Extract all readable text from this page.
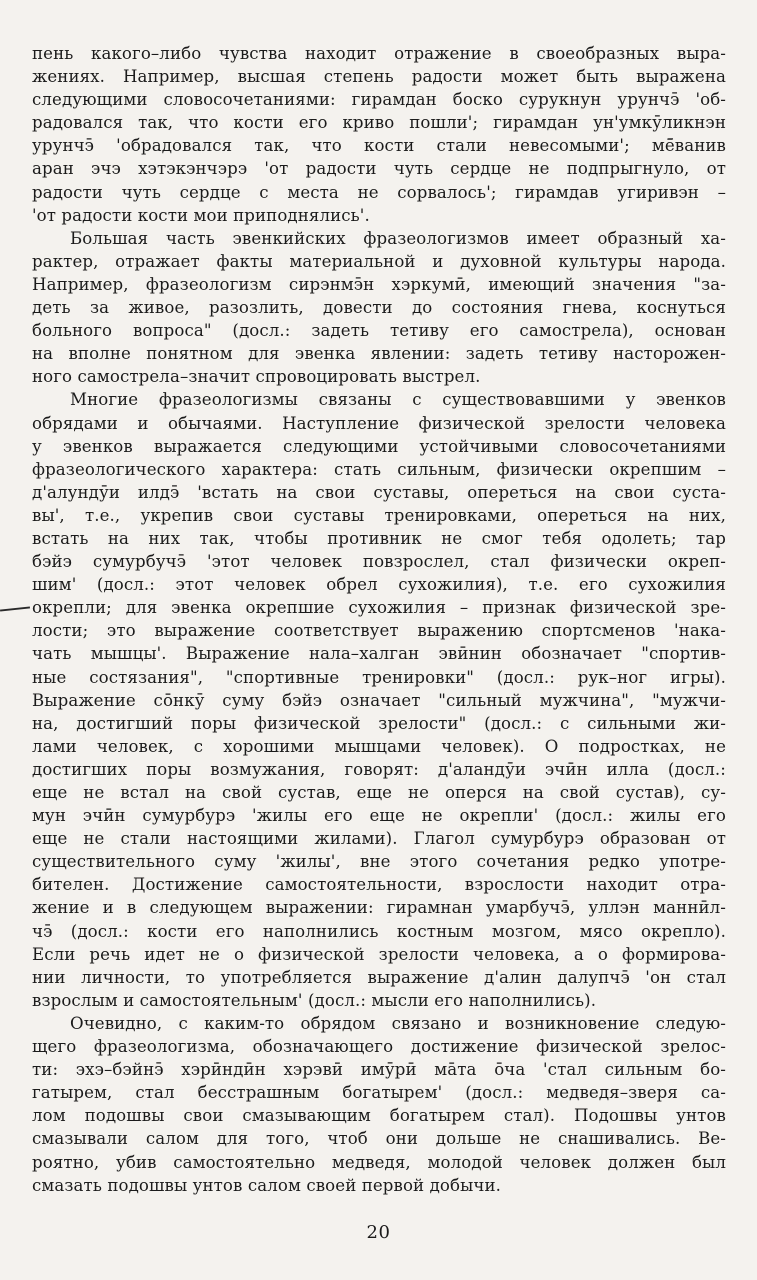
пень какого–либо чувства находит отражение в своеобразных выра-
жениях. Например, высшая степень радости может быть выражена
следующими словосочетаниями: гирамдан боско сурукнун урунчэ̄ 'об-
радовался так, что кости его криво пошли'; гирамдан ун'умкӯликнэн
урунчэ̄ 'обрадовался так, что кости стали невесомыми'; мē̄ванив
аран эчэ хэтэкэнчэрэ 'от радости чуть сердце не подпрыгнуло, от
радости чуть сердце с места не сорвалось'; гирамдав угиривэн –
'от радости кости мои приподнялись'.

Большая часть эвенкийских фразеологизмов имеет образный ха-
рактер, отражает факты материальной и духовной культуры народа.
Например, фразеологизм сирэнмэ̄н хэркумӣ, имеющий значения "за-
деть за живое, разозлить, довести до состояния гнева, коснуться
больного вопроса" (досл.: задеть тетиву его самострела), основан
на вполне понятном для эвенка явлении: задеть тетиву насторожен-
ного самострела–значит спровоцировать выстрел.

Многие фразеологизмы связаны с существовавшими у эвенков
обрядами и обычаями. Наступление физической зрелости человека
у эвенков выражается следующими устойчивыми словосочетаниями
фразеологического характера: стать сильным, физически окрепшим –
д'алундӯи илдэ̄ 'встать на свои суставы, опереться на свои суста-
вы', т.е., укрепив свои суставы тренировками, опереться на них,
встать на них так, чтобы противник не смог тебя одолеть; тар
бэйэ сумурбучэ̄ 'этот человек повзрослел, стал физически окреп-
шим' (досл.: этот человек обрел сухожилия), т.е. его сухожилия
окрепли; для эвенка окрепшие сухожилия – признак физической зре-
лости; это выражение соответствует выражению спортсменов 'нака-
чать мышцы'. Выражение нала–халган эвӣнин обозначает "спортив-
ные состязания", "спортивные тренировки" (досл.: рук–ног игры).
Выражение сōнкӯ суму бэйэ означает "сильный мужчина", "мужчи-
на, достигший поры физической зрелости" (досл.: с сильными жи-
лами человек, с хорошими мышцами человек). О подростках, не
достигших поры возмужания, говорят: д'аландӯи эчӣн илла (досл.:
еще не встал на свой сустав, еще не оперся на свой сустав), су-
мун эчӣн сумурбурэ 'жилы его еще не окрепли' (досл.: жилы его
еще не стали настоящими жилами). Глагол сумурбурэ образован от
существительного суму 'жилы', вне этого сочетания редко употре-
бителен. Достижение самостоятельности, взрослости находит отра-
жение и в следующем выражении: гирамнан умарбучэ̄, уллэн маннӣл-
чэ̄ (досл.: кости его наполнились костным мозгом, мясо окрепло).
Если речь идет не о физической зрелости человека, а о формирова-
нии личности, то употребляется выражение д'алин далупчэ̄ 'он стал
взрослым и самостоятельным' (досл.: мысли его наполнились).

Очевидно, с каким-то обрядом связано и возникновение следую-
щего фразеологизма, обозначающего достижение физической зрелос-
ти: эхэ–бэйнэ̄ хэрӣндӣн хэрэвӣ имӯрӣ мāта ōча 'стал сильным бо-
гатырем, стал бесстрашным богатырем' (досл.: медведя–зверя са-
лом подошвы свои смазывающим богатырем стал). Подошвы унтов
смазывали салом для того, чтоб они дольше не снашивались. Ве-
роятно, убив самостоятельно медведя, молодой человек должен был
смазать подошвы унтов салом своей первой добычи.

20
